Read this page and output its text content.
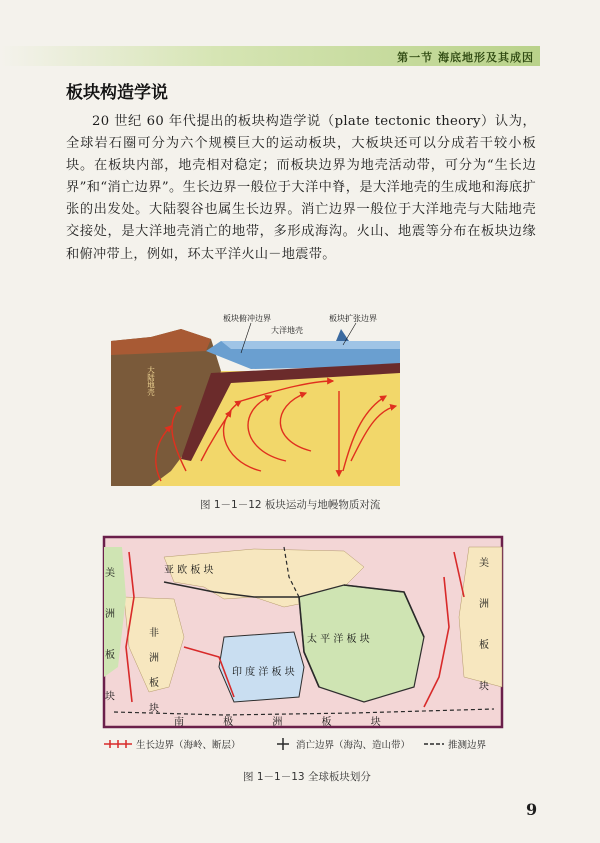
第一节 海底地形及其成因
板块构造学说

20 世纪 60 年代提出的板块构造学说（plate tectonic theory）认为，全球岩石圈可分为六个规模巨大的运动板块，大板块还可以分成若干较小板块。在板块内部，地壳相对稳定；而板块边界为地壳活动带，可分为“生长边界”和“消亡边界”。生长边界一般位于大洋中脊，是大洋地壳的生成地和海底扩张的出发处。大陆裂谷也属生长边界。消亡边界一般位于大洋地壳与大陆地壳交接处，是大洋地壳消亡的地带，多形成海沟。火山、地震等分布在板块边缘和俯冲带上，例如，环太平洋火山－地震带。

板块俯冲边界
大洋地壳
板块扩张边界
大陆地壳
图 1－1－12 板块运动与地幔物质对流
亚 欧 板 块
非 洲 板 块	太 平 洋 板 块
印 度 洋 板 块
美 洲 板 块	美 洲 板 块
南 极 洲 板 块
生长边界（海岭、断层）	消亡边界（海沟、造山带）	推测边界
图 1－1－13 全球板块划分
9
